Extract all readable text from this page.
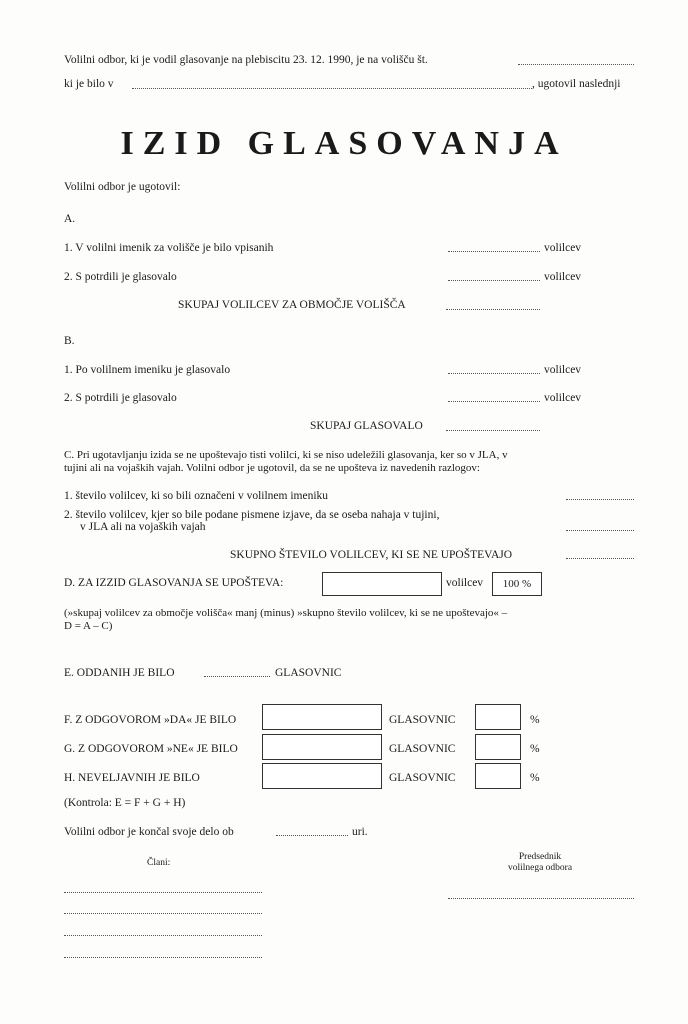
Volilni odbor, ki je vodil glasovanje na plebiscitu 23. 12. 1990, je na volišču št.
ki je bilo v	, ugotovil naslednji
IZID GLASOVANJA
Volilni odbor je ugotovil:
A.
1. V volilni imenik za volišče je bilo vpisanih	volilcev
2. S potrdili je glasovalo	volilcev
SKUPAJ VOLILCEV ZA OBMOČJE VOLIŠČA
B.
1. Po volilnem imeniku je glasovalo	volilcev
2. S potrdili je glasovalo	volilcev
SKUPAJ GLASOVALO
C. Pri ugotavljanju izida se ne upoštevajo tisti volilci, ki se niso udeležili glasovanja, ker so v JLA, v
tujini ali na vojaških vajah. Volilni odbor je ugotovil, da se ne upošteva iz navedenih razlogov:
1. število volilcev, ki so bili označeni v volilnem imeniku
2. število volilcev, kjer so bile podane pismene izjave, da se oseba nahaja v tujini,
v JLA ali na vojaških vajah
SKUPNO ŠTEVILO VOLILCEV, KI SE NE UPOŠTEVAJO
D. ZA IZZID GLASOVANJA SE UPOŠTEVA:	volilcev	100 %
(»skupaj volilcev za območje volišča« manj (minus) »skupno število volilcev, ki se ne upoštevajo« –
D = A – C)
E. ODDANIH JE BILO	GLASOVNIC
F. Z ODGOVOROM »DA« JE BILO	GLASOVNIC	%
G. Z ODGOVOROM »NE« JE BILO	GLASOVNIC	%
H. NEVELJAVNIH JE BILO	GLASOVNIC	%
(Kontrola: E = F + G + H)
Volilni odbor je končal svoje delo ob	uri.
Člani:
Predsednik
volilnega odbora
